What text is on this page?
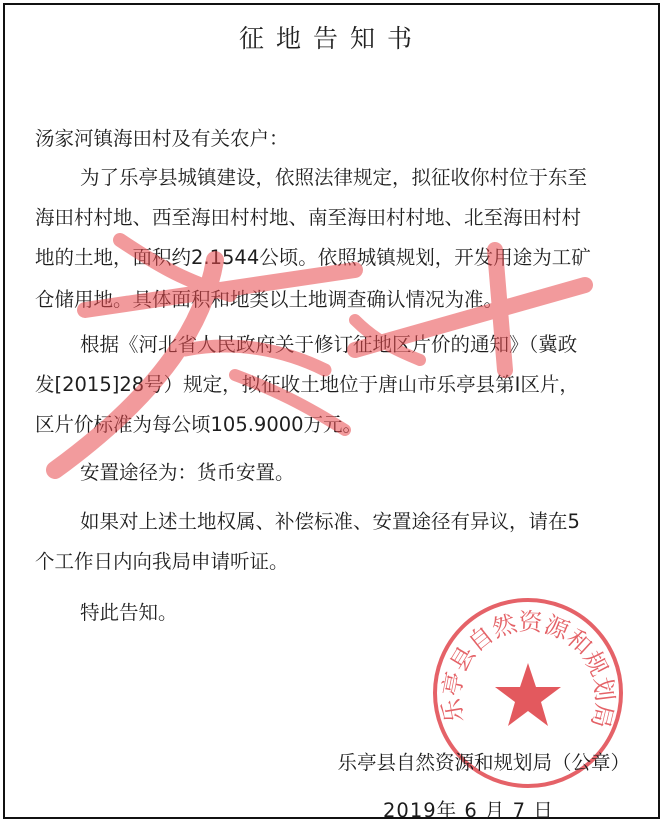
征地告知书
汤家河镇海田村及有关农户：
为了乐亭县城镇建设，依照法律规定，拟征收你村位于东至
海田村村地、西至海田村村地、南至海田村村地、北至海田村村
地的土地，面积约2.1544公顷。依照城镇规划，开发用途为工矿
仓储用地。具体面积和地类以土地调查确认情况为准。
根据《河北省人民政府关于修订征地区片价的通知》（冀政
发[2015]28号）规定，拟征收土地位于唐山市乐亭县第I区片，
区片价标准为每公顷105.9000万元。
安置途径为：货币安置。
如果对上述土地权属、补偿标准、安置途径有异议，请在5
个工作日内向我局申请听证。
特此告知。
乐亭县自然资源和规划局
乐亭县自然资源和规划局（公章）
2019年 6 月 7 日
